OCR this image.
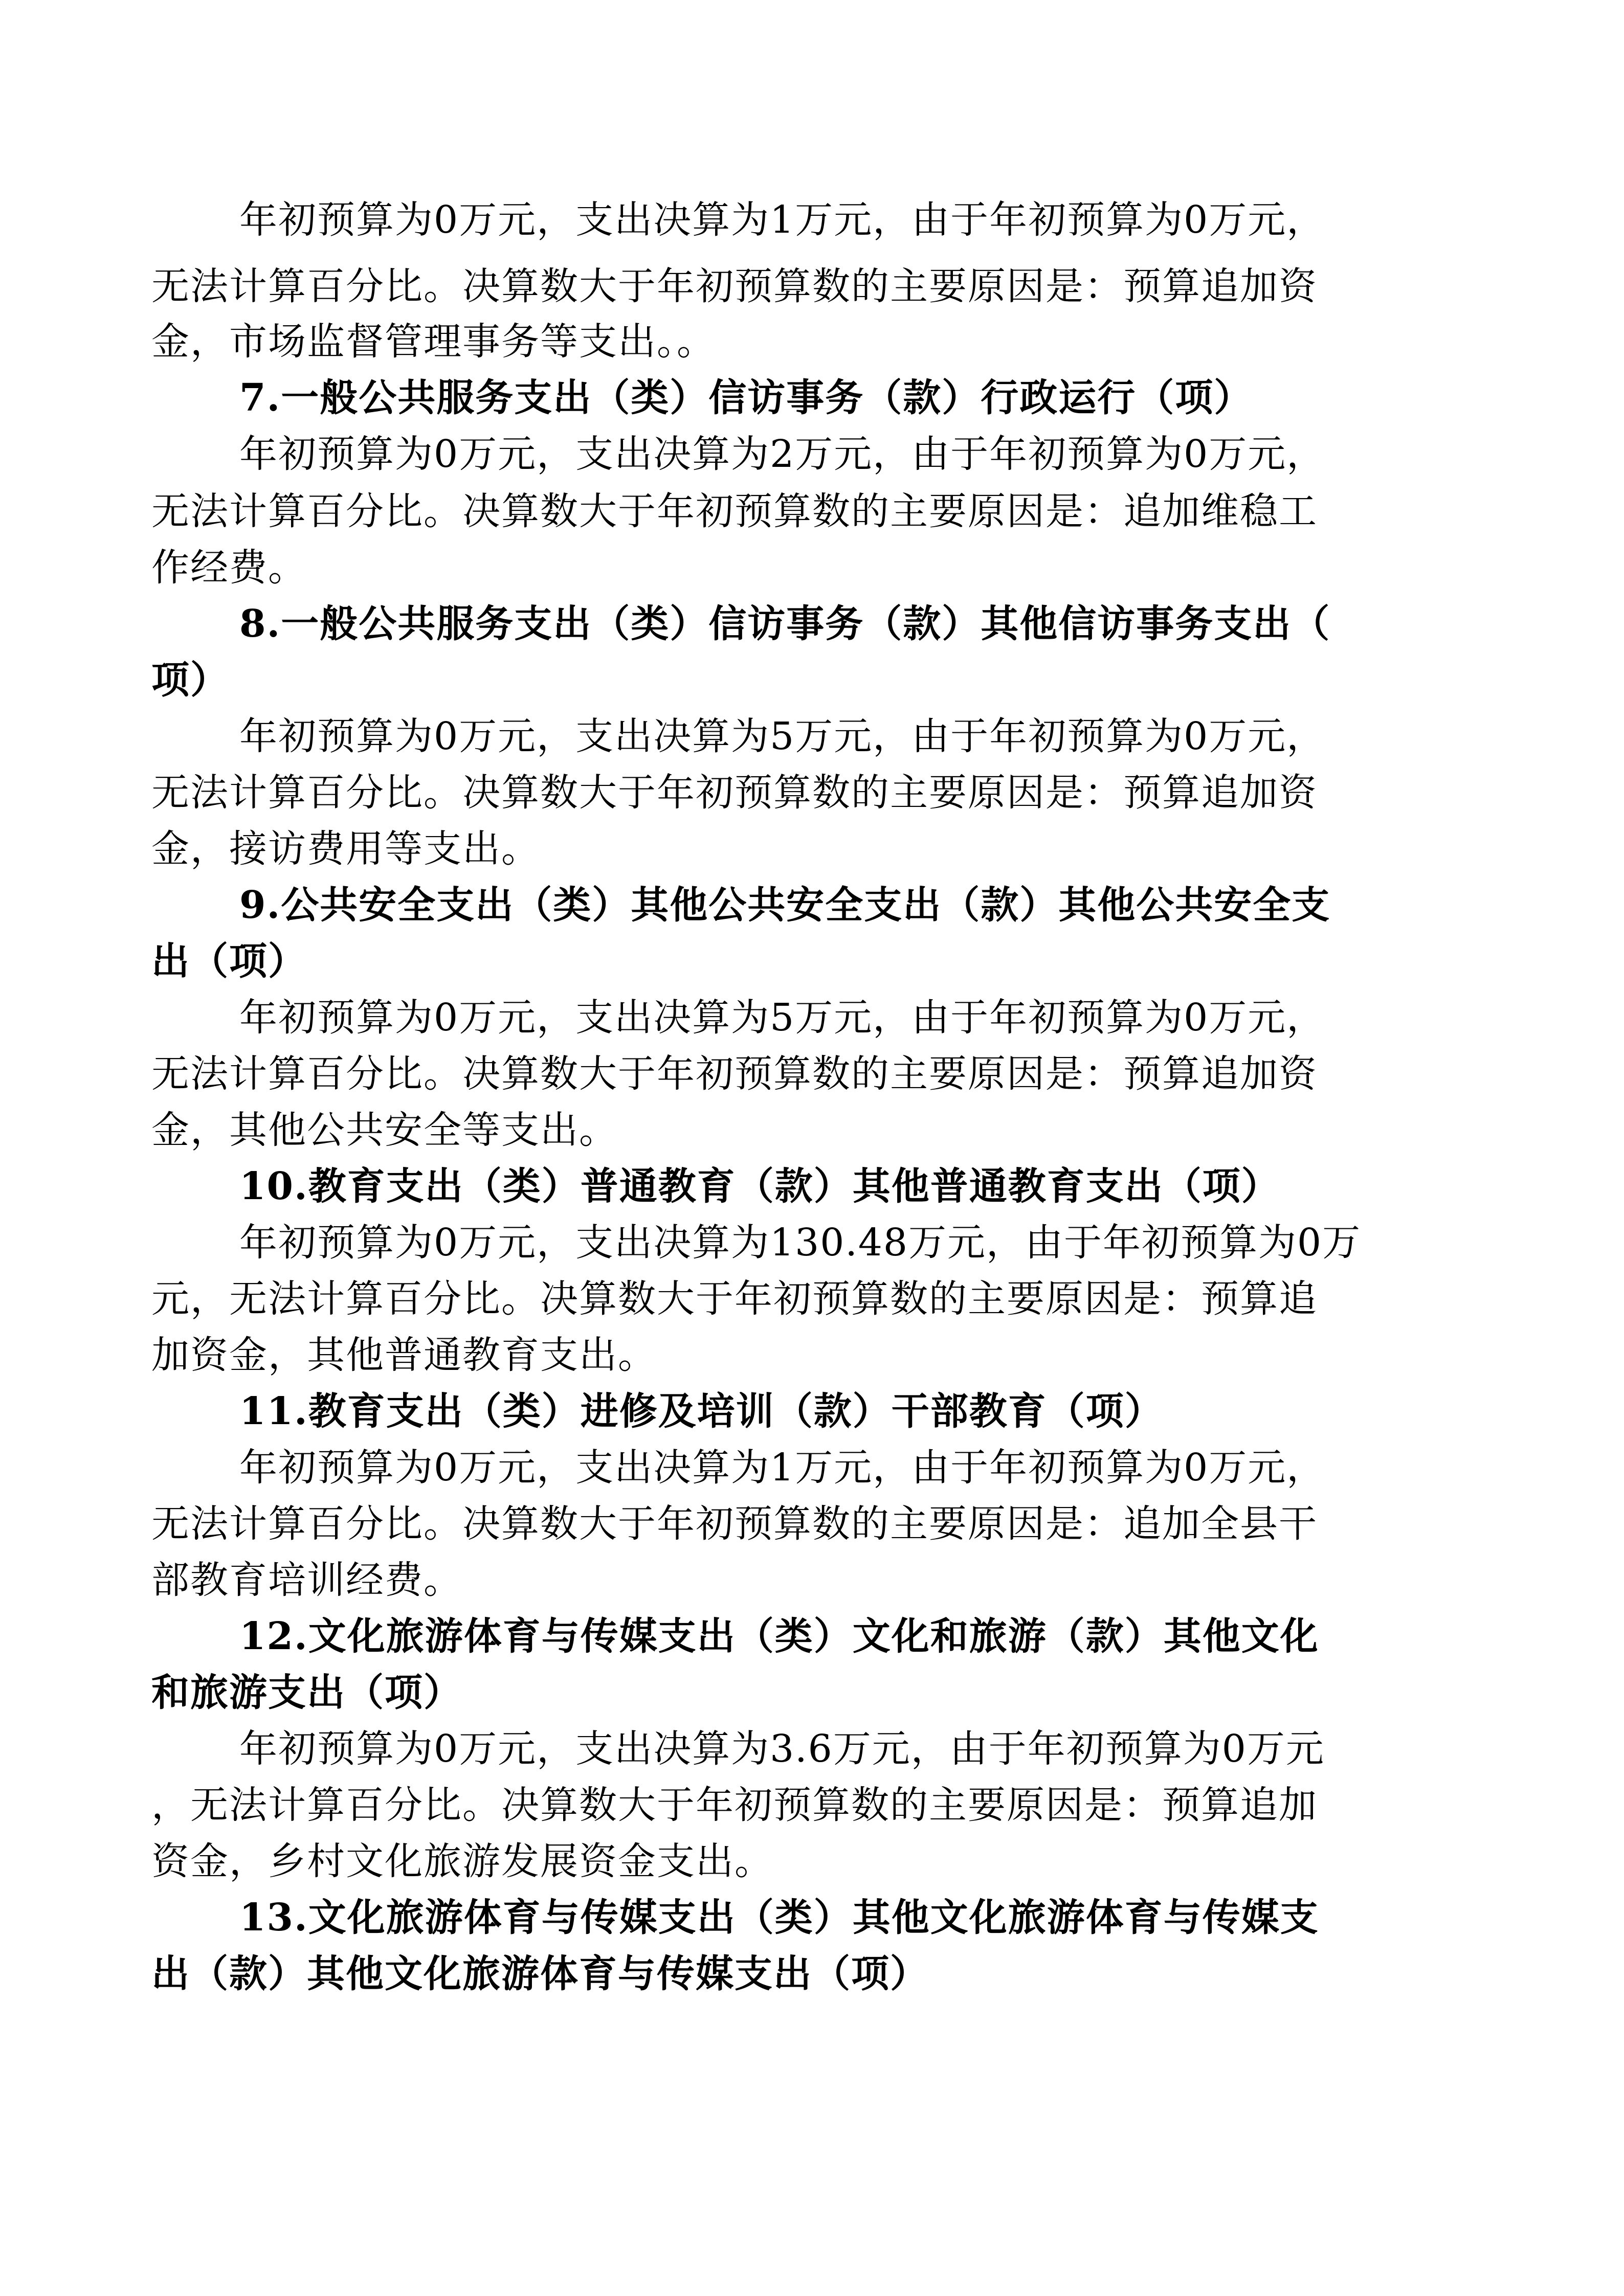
年初预算为0万元，支出决算为1万元，由于年初预算为0万元，
无法计算百分比。决算数大于年初预算数的主要原因是：预算追加资
金，市场监督管理事务等支出。。
7.一般公共服务支出（类）信访事务（款）行政运行（项）
年初预算为0万元，支出决算为2万元，由于年初预算为0万元，
无法计算百分比。决算数大于年初预算数的主要原因是：追加维稳工
作经费。
8.一般公共服务支出（类）信访事务（款）其他信访事务支出（
项）
年初预算为0万元，支出决算为5万元，由于年初预算为0万元，
无法计算百分比。决算数大于年初预算数的主要原因是：预算追加资
金，接访费用等支出。
9.公共安全支出（类）其他公共安全支出（款）其他公共安全支
出（项）
年初预算为0万元，支出决算为5万元，由于年初预算为0万元，
无法计算百分比。决算数大于年初预算数的主要原因是：预算追加资
金，其他公共安全等支出。
10.教育支出（类）普通教育（款）其他普通教育支出（项）
年初预算为0万元，支出决算为130.48万元，由于年初预算为0万
元，无法计算百分比。决算数大于年初预算数的主要原因是：预算追
加资金，其他普通教育支出。
11.教育支出（类）进修及培训（款）干部教育（项）
年初预算为0万元，支出决算为1万元，由于年初预算为0万元，
无法计算百分比。决算数大于年初预算数的主要原因是：追加全县干
部教育培训经费。
12.文化旅游体育与传媒支出（类）文化和旅游（款）其他文化
和旅游支出（项）
年初预算为0万元，支出决算为3.6万元，由于年初预算为0万元
，无法计算百分比。决算数大于年初预算数的主要原因是：预算追加
资金，乡村文化旅游发展资金支出。
13.文化旅游体育与传媒支出（类）其他文化旅游体育与传媒支
出（款）其他文化旅游体育与传媒支出（项）
